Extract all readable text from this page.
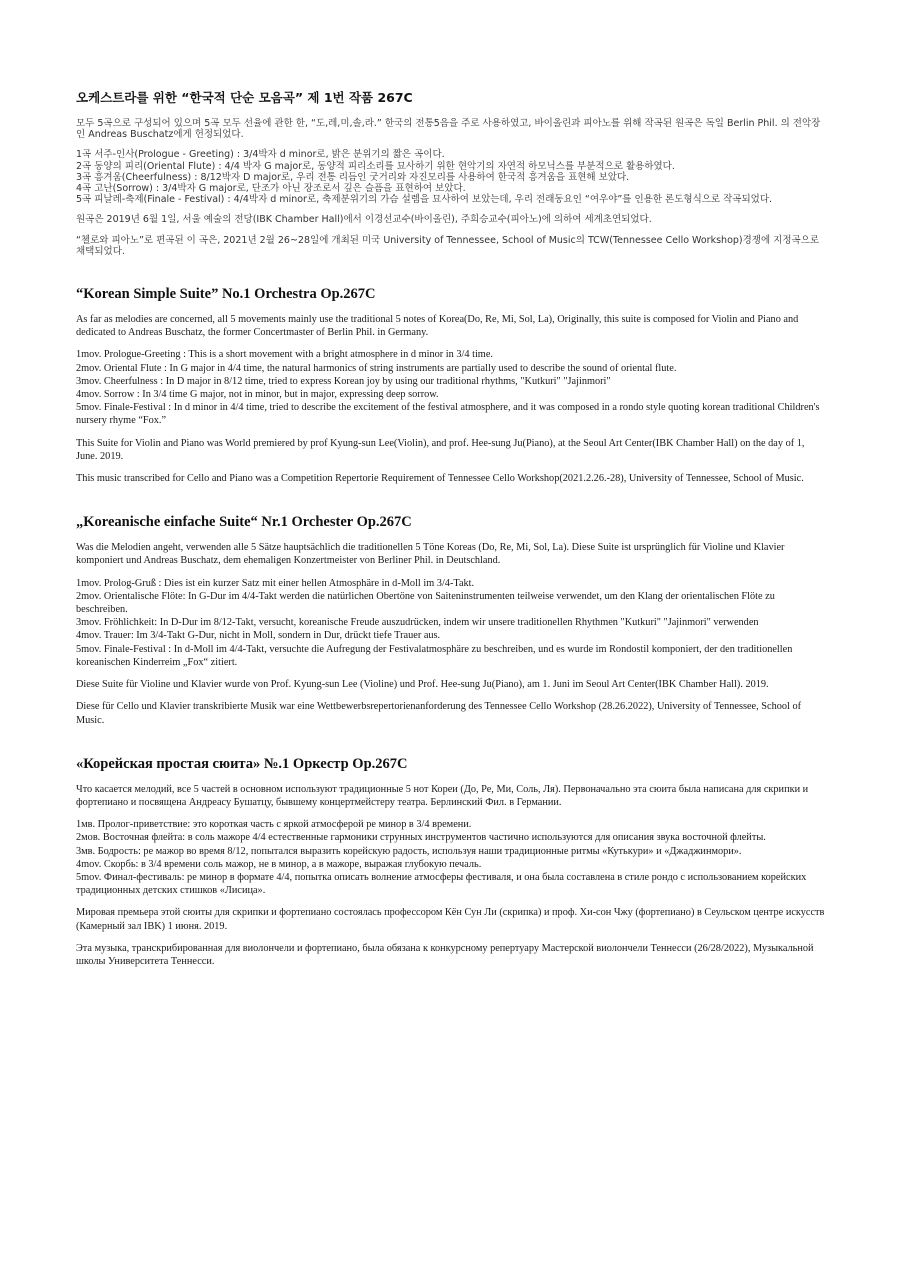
오케스트라를 위한 “한국적 단순 모음곡” 제 1번 작품 267C

모두 5곡으로 구성되어 있으며 5곡 모두 선율에 관한 한, “도,레,미,솔,라.” 한국의 전통5음을 주로 사용하였고, 바이올린과 피아노를 위해 작곡된 원곡은 독일 Berlin Phil. 의 전악장인 Andreas Buschatz에게 헌정되었다.

1곡 서주-인사(Prologue - Greeting) : 3/4박자 d minor로, 밝은 분위기의 짧은 곡이다.
2곡 동양의 피리(Oriental Flute) : 4/4 박자 G major로, 동양적 피리소리를 묘사하기 위한 현악기의 자연적 하모닉스를 부분적으로 활용하였다.
3곡 흥겨움(Cheerfulness) : 8/12박자 D major로, 우리 전통 리듬인 굿거리와 자진모리를 사용하여 한국적 흥겨움을 표현해 보았다.
4곡 고난(Sorrow) : 3/4박자 G major로, 단조가 아닌 장조로서 깊은 슬픔을 표현하여 보았다.
5곡 피날레-축제(Finale - Festival) : 4/4박자 d minor로, 축제분위기의 가슴 설렘을 묘사하여 보았는데, 우리 전래동요인 “여우야”를 인용한 론도형식으로 작곡되었다.

원곡은 2019년 6월 1일, 서울 예술의 전당(IBK Chamber Hall)에서 이경선교수(바이올린), 주희승교수(피아노)에 의하여 세계초연되었다.

“첼로와 피아노”로 편곡된 이 곡은, 2021년 2월 26~28일에 개최된 미국 University of Tennessee, School of Music의 TCW(Tennessee Cello Workshop)경쟁에 지정곡으로 채택되었다.

“Korean Simple Suite” No.1 Orchestra Op.267C

As far as melodies are concerned, all 5 movements mainly use the traditional 5 notes of Korea(Do, Re, Mi, Sol, La), Originally, this suite is composed for Violin and Piano and dedicated to Andreas Buschatz, the former Concertmaster of Berlin Phil. in Germany.

1mov. Prologue-Greeting : This is a short movement with a bright atmosphere in d minor in 3/4 time.
2mov. Oriental Flute : In G major in 4/4 time, the natural harmonics of string instruments are partially used to describe the sound of oriental flute.
3mov. Cheerfulness : In D major in 8/12 time, tried to express Korean joy by using our traditional rhythms, "Kutkuri" "Jajinmori"
4mov. Sorrow : In 3/4 time G major, not in minor, but in major, expressing deep sorrow.
5mov. Finale-Festival : In d minor in 4/4 time, tried to describe the excitement of the festival atmosphere, and it was composed in a rondo style quoting korean traditional Children's nursery rhyme “Fox.”

This Suite for Violin and Piano was World premiered by prof Kyung-sun Lee(Violin), and prof. Hee-sung Ju(Piano), at the Seoul Art Center(IBK Chamber Hall) on the day of 1, June. 2019.

This music transcribed for Cello and Piano was a Competition Repertorie Requirement of Tennessee Cello Workshop(2021.2.26.-28), University of Tennessee, School of Music.

„Koreanische einfache Suite“ Nr.1 Orchester Op.267C

Was die Melodien angeht, verwenden alle 5 Sätze hauptsächlich die traditionellen 5 Töne Koreas (Do, Re, Mi, Sol, La). Diese Suite ist ursprünglich für Violine und Klavier komponiert und Andreas Buschatz, dem ehemaligen Konzertmeister von Berliner Phil. in Deutschland.

1mov. Prolog-Gruß : Dies ist ein kurzer Satz mit einer hellen Atmosphäre in d-Moll im 3/4-Takt.
2mov. Orientalische Flöte: In G-Dur im 4/4-Takt werden die natürlichen Obertöne von Saiteninstrumenten teilweise verwendet, um den Klang der orientalischen Flöte zu beschreiben.
3mov. Fröhlichkeit: In D-Dur im 8/12-Takt, versucht, koreanische Freude auszudrücken, indem wir unsere traditionellen Rhythmen "Kutkuri" "Jajinmori" verwenden
4mov. Trauer: Im 3/4-Takt G-Dur, nicht in Moll, sondern in Dur, drückt tiefe Trauer aus.
5mov. Finale-Festival : In d-Moll im 4/4-Takt, versuchte die Aufregung der Festivalatmosphäre zu beschreiben, und es wurde im Rondostil komponiert, der den traditionellen koreanischen Kinderreim „Fox“ zitiert.

Diese Suite für Violine und Klavier wurde von Prof. Kyung-sun Lee (Violine) und Prof. Hee-sung Ju(Piano), am 1. Juni im Seoul Art Center(IBK Chamber Hall). 2019.

Diese für Cello und Klavier transkribierte Musik war eine Wettbewerbsrepertorienanforderung des Tennessee Cello Workshop (28.26.2022), University of Tennessee, School of Music.

«Корейская простая сюита» №.1 Оркестр Op.267C

Что касается мелодий, все 5 частей в основном используют традиционные 5 нот Кореи (До, Ре, Ми, Соль, Ля). Первоначально эта сюита была написана для скрипки и фортепиано и посвящена Андреасу Бушатцу, бывшему концертмейстеру театра. Берлинский Фил. в Германии.

1мв. Пролог-приветствие: это короткая часть с яркой атмосферой ре минор в 3/4 времени.
2мов. Восточная флейта: в соль мажоре 4/4 естественные гармоники струнных инструментов частично используются для описания звука восточной флейты.
3мв. Бодрость: ре мажор во время 8/12, попытался выразить корейскую радость, используя наши традиционные ритмы «Кутькури» и «Джаджинмори».
4mov. Скорбь: в 3/4 времени соль мажор, не в минор, а в мажоре, выражая глубокую печаль.
5mov. Финал-фестиваль: ре минор в формате 4/4, попытка описать волнение атмосферы фестиваля, и она была составлена в стиле рондо с использованием корейских традиционных детских стишков «Лисица».

Мировая премьера этой сюиты для скрипки и фортепиано состоялась профессором Кён Сун Ли (скрипка) и проф. Хи-сон Чжу (фортепиано) в Сеульском центре искусств (Камерный зал IBK) 1 июня. 2019.

Эта музыка, транскрибированная для виолончели и фортепиано, была обязана к конкурсному репертуару Мастерской виолончели Теннесси (26/28/2022), Музыкальной школы Университета Теннесси.
